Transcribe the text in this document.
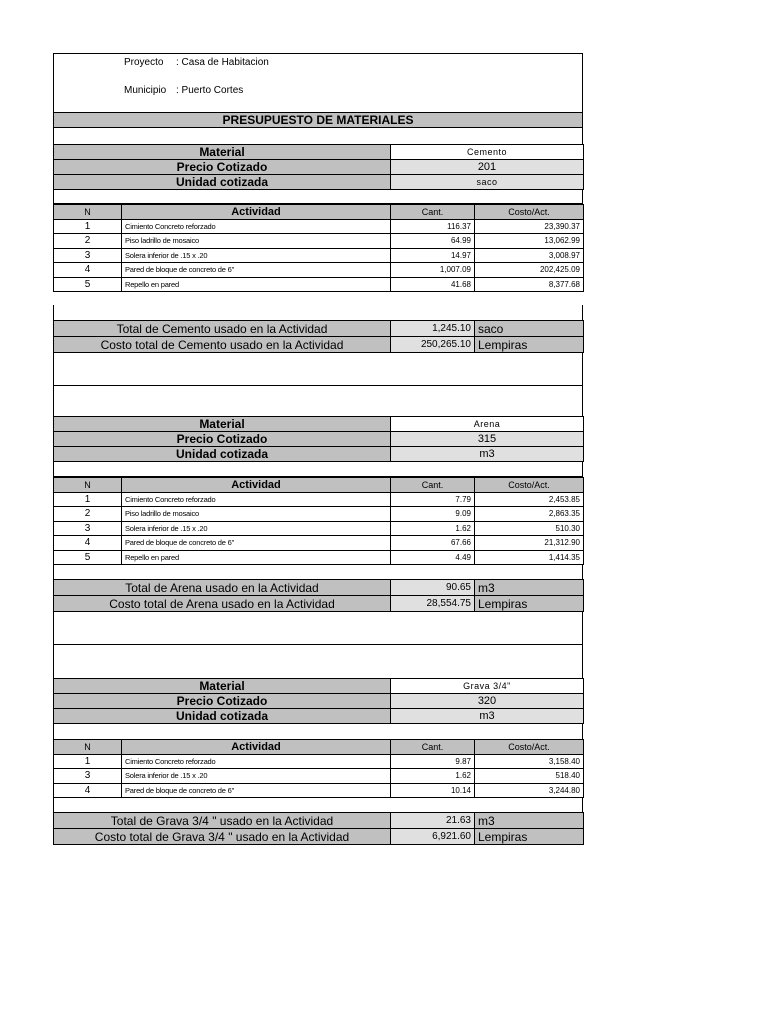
Proyecto : Casa de Habitacion
Municipio : Puerto Cortes
PRESUPUESTO DE MATERIALES
Material	Cemento
Precio Cotizado	201
Unidad cotizada	saco
N	Actividad	Cant.	Costo/Act.
1	Cimiento Concreto reforzado	116.37	23,390.37
2	Piso ladrillo de mosaico	64.99	13,062.99
3	Solera inferior de .15 x .20	14.97	3,008.97
4	Pared de bloque de concreto de 6"	1,007.09	202,425.09
5	Repello en pared	41.68	8,377.68
Total de Cemento usado en la Actividad	1,245.10	saco
Costo total de Cemento usado en la Actividad	250,265.10	Lempiras
Material	Arena
Precio Cotizado	315
Unidad cotizada	m3
N	Actividad	Cant.	Costo/Act.
1	Cimiento Concreto reforzado	7.79	2,453.85
2	Piso ladrillo de mosaico	9.09	2,863.35
3	Solera inferior de .15 x .20	1.62	510.30
4	Pared de bloque de concreto de 6"	67.66	21,312.90
5	Repello en pared	4.49	1,414.35
Total de Arena usado en la Actividad	90.65	m3
Costo total de Arena usado en la Actividad	28,554.75	Lempiras
Material	Grava 3/4"
Precio Cotizado	320
Unidad cotizada	m3
N	Actividad	Cant.	Costo/Act.
1	Cimiento Concreto reforzado	9.87	3,158.40
3	Solera inferior de .15 x .20	1.62	518.40
4	Pared de bloque de concreto de 6"	10.14	3,244.80
Total de Grava 3/4 " usado en la Actividad	21.63	m3
Costo total de Grava 3/4 " usado en la Actividad	6,921.60	Lempiras
